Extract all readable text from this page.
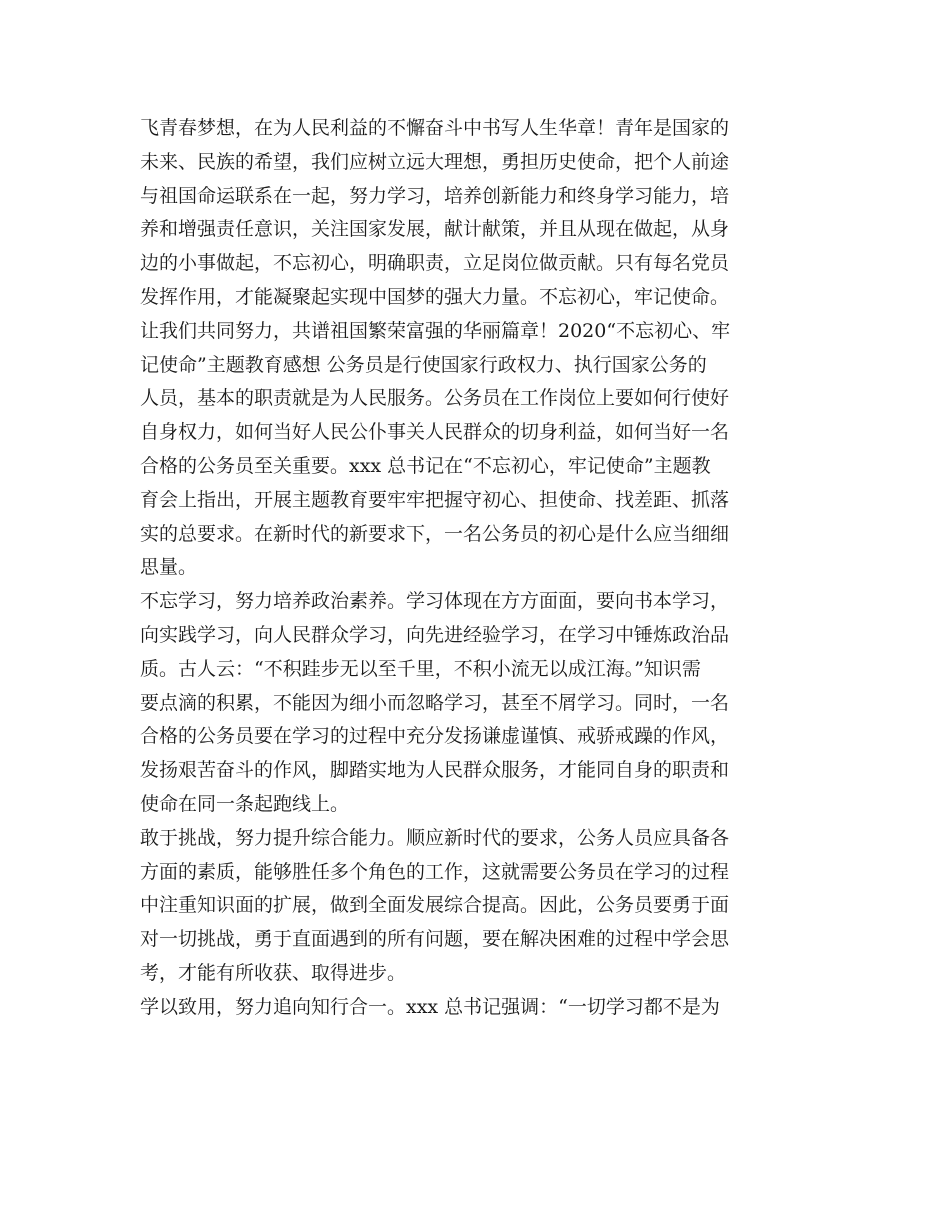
飞青春梦想，在为人民利益的不懈奋斗中书写人生华章！青年是国家的
未来、民族的希望，我们应树立远大理想，勇担历史使命，把个人前途
与祖国命运联系在一起，努力学习，培养创新能力和终身学习能力，培
养和增强责任意识，关注国家发展，献计献策，并且从现在做起，从身
边的小事做起，不忘初心，明确职责，立足岗位做贡献。只有每名党员
发挥作用，才能凝聚起实现中国梦的强大力量。不忘初心，牢记使命。
让我们共同努力，共谱祖国繁荣富强的华丽篇章！2020“不忘初心、牢
记使命”主题教育感想 公务员是行使国家行政权力、执行国家公务的
人员，基本的职责就是为人民服务。公务员在工作岗位上要如何行使好
自身权力，如何当好人民公仆事关人民群众的切身利益，如何当好一名
合格的公务员至关重要。xxx 总书记在“不忘初心，牢记使命”主题教
育会上指出，开展主题教育要牢牢把握守初心、担使命、找差距、抓落
实的总要求。在新时代的新要求下，一名公务员的初心是什么应当细细
思量。
不忘学习，努力培养政治素养。学习体现在方方面面，要向书本学习，
向实践学习，向人民群众学习，向先进经验学习，在学习中锤炼政治品
质。古人云：“不积跬步无以至千里，不积小流无以成江海。”知识需
要点滴的积累，不能因为细小而忽略学习，甚至不屑学习。同时，一名
合格的公务员要在学习的过程中充分发扬谦虚谨慎、戒骄戒躁的作风，
发扬艰苦奋斗的作风，脚踏实地为人民群众服务，才能同自身的职责和
使命在同一条起跑线上。
敢于挑战，努力提升综合能力。顺应新时代的要求，公务人员应具备各
方面的素质，能够胜任多个角色的工作，这就需要公务员在学习的过程
中注重知识面的扩展，做到全面发展综合提高。因此，公务员要勇于面
对一切挑战，勇于直面遇到的所有问题，要在解决困难的过程中学会思
考，才能有所收获、取得进步。
学以致用，努力追向知行合一。xxx 总书记强调：“一切学习都不是为
